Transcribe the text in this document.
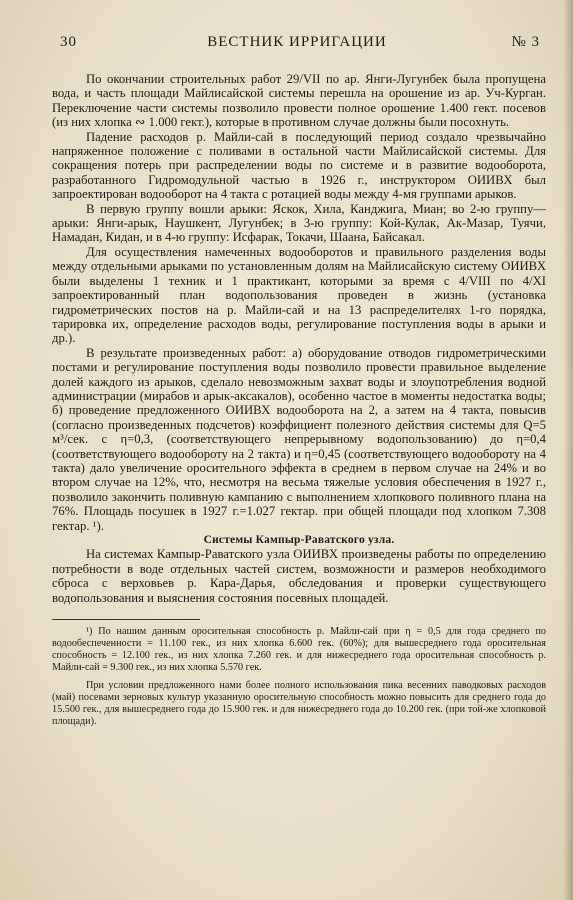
30	ВЕСТНИК ИРРИГАЦИИ	№ 3

По окончании строительных работ 29/VII по ар. Янги-Лугунбек была пропущена вода, и часть площади Майлисайской системы перешла на орошение из ар. Уч-Курган. Переключение части системы позволило провести полное орошение 1.400 гект. посевов (из них хлопка ∾ 1.000 гект.), которые в противном случае должны были посохнуть.

Падение расходов р. Майли-сай в последующий период создало чрезвычайно напряженное положение с поливами в остальной части Майлисайской системы. Для сокращения потерь при распределении воды по системе и в развитие водооборота, разработанного Гидромодульной частью в 1926 г., инструктором ОИИВХ был запроектирован водооборот на 4 такта с ротацией воды между 4-мя группами арыков.

В первую группу вошли арыки: Яскок, Хила, Канджига, Миан; во 2-ю группу—арыки: Янги-арык, Наушкент, Лугунбек; в 3-ю группу: Кой-Кулак, Ак-Мазар, Туячи, Намадан, Кидан, и в 4-ю группу: Исфарак, Токачи, Шаана, Байсакал.

Для осуществления намеченных водооборотов и правильного разделения воды между отдельными арыками по установленным долям на Майлисайскую систему ОИИВХ были выделены 1 техник и 1 практикант, которыми за время с 4/VIII по 4/XI запроектированный план водопользования проведен в жизнь (установка гидрометрических постов на р. Майли-сай и на 13 распределителях 1-го порядка, тарировка их, определение расходов воды, регулирование поступления воды в арыки и др.).

В результате произведенных работ: а) оборудование отводов гидрометрическими постами и регулирование поступления воды позволило провести правильное выделение долей каждого из арыков, сделало невозможным захват воды и злоупотребления водной администрации (мирабов и арык-аксакалов), особенно частое в моменты недостатка воды; б) проведение предложенного ОИИВХ водооборота на 2, а затем на 4 такта, повысив (согласно произведенных подсчетов) коэффициент полезного действия системы для Q=5 м³/сек. с η=0,3, (соответствующего непрерывному водопользованию) до η=0,4 (соответствующего водообороту на 2 такта) и η=0,45 (соответствующего водообороту на 4 такта) дало увеличение оросительного эффекта в среднем в первом случае на 24% и во втором случае на 12%, что, несмотря на весьма тяжелые условия обеспечения в 1927 г., позволило закончить поливную кампанию с выполнением хлопкового поливного плана на 76%. Площадь посушек в 1927 г.=1.027 гектар. при общей площади под хлопком 7.308 гектар. ¹).

Системы Кампыр-Раватского узла.

На системах Кампыр-Раватского узла ОИИВХ произведены работы по определению потребности в воде отдельных частей систем, возможности и размеров необходимого сброса с верховьев р. Кара-Дарья, обследования и проверки существующего водопользования и выяснения состояния посевных площадей.

¹) По нашим данным оросительная способность р. Майли-сай при η = 0,5 для года среднего по водообеспеченности = 11.100 гек., из них хлопка 6.600 гек. (60%); для вышесреднего года оросительная способность = 12.100 гек., из них хлопка 7.260 гек. и для нижесреднего года оросительная способность р. Майли-сай = 9.300 гек., из них хлопка 5.570 гек.

При условии предложенного нами более полного использования пика весенних паводковых расходов (май) посевами зерновых культур указанную оросительную способность можно повысить для среднего года до 15.500 гек., для вышесреднего года до 15.900 гек. и для нижесреднего года до 10.200 гек. (при той-же хлопковой площади).
